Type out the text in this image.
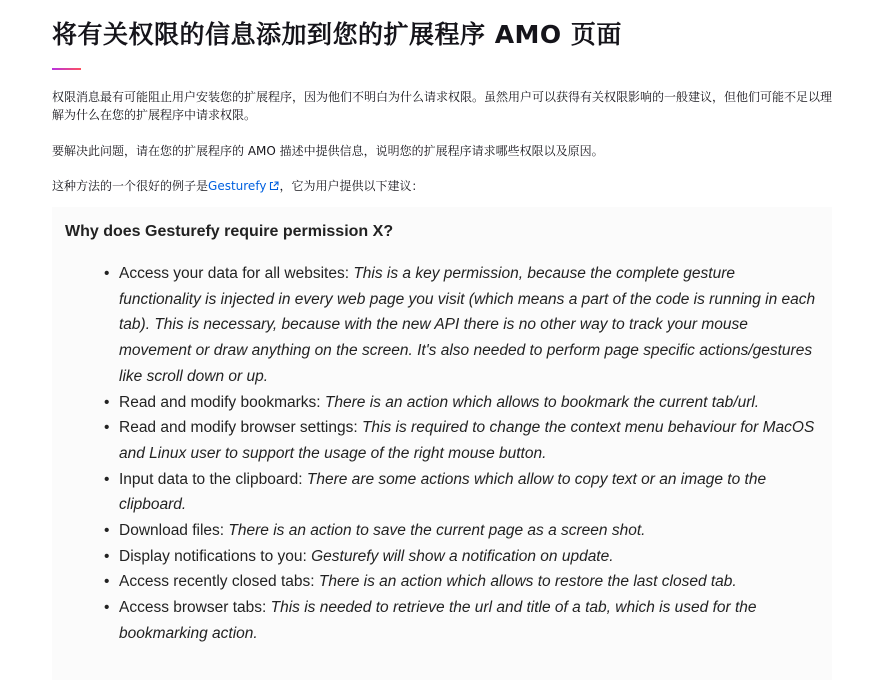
将有关权限的信息添加到您的扩展程序 AMO 页面

权限消息最有可能阻止用户安装您的扩展程序，因为他们不明白为什么请求权限。虽然用户可以获得有关权限影响的一般建议，但他们可能不足以理解为什么在您的扩展程序中请求权限。

要解决此问题，请在您的扩展程序的 AMO 描述中提供信息，说明您的扩展程序请求哪些权限以及原因。

这种方法的一个很好的例子是Gesturefy ，它为用户提供以下建议：

Why does Gesturefy require permission X?
• Access your data for all websites: This is a key permission, because the complete gesture functionality is injected in every web page you visit (which means a part of the code is running in each tab). This is necessary, because with the new API there is no other way to track your mouse movement or draw anything on the screen. It's also needed to perform page specific actions/gestures like scroll down or up.
• Read and modify bookmarks: There is an action which allows to bookmark the current tab/url.
• Read and modify browser settings: This is required to change the context menu behaviour for MacOS and Linux user to support the usage of the right mouse button.
• Input data to the clipboard: There are some actions which allow to copy text or an image to the clipboard.
• Download files: There is an action to save the current page as a screen shot.
• Display notifications to you: Gesturefy will show a notification on update.
• Access recently closed tabs: There is an action which allows to restore the last closed tab.
• Access browser tabs: This is needed to retrieve the url and title of a tab, which is used for the bookmarking action.
